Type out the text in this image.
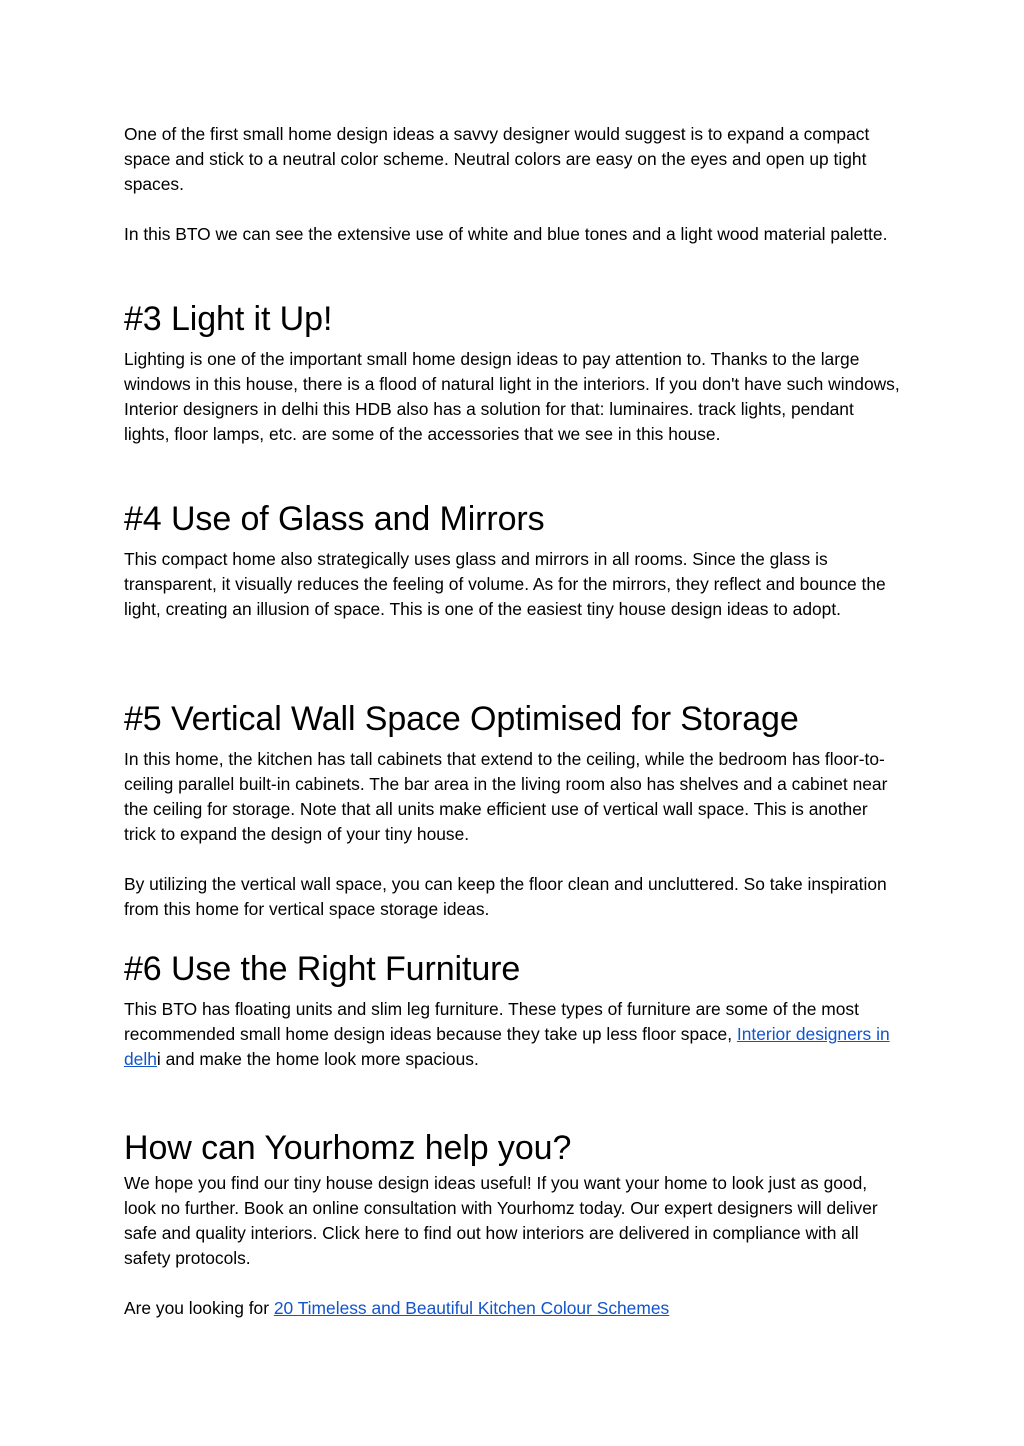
One of the first small home design ideas a savvy designer would suggest is to expand a compact space and stick to a neutral color scheme. Neutral colors are easy on the eyes and open up tight spaces.

In this BTO we can see the extensive use of white and blue tones and a light wood material palette.

#3 Light it Up!

Lighting is one of the important small home design ideas to pay attention to. Thanks to the large windows in this house, there is a flood of natural light in the interiors. If you don't have such windows, Interior designers in delhi this HDB also has a solution for that: luminaires. track lights, pendant lights, floor lamps, etc. are some of the accessories that we see in this house.

#4 Use of Glass and Mirrors

This compact home also strategically uses glass and mirrors in all rooms. Since the glass is transparent, it visually reduces the feeling of volume. As for the mirrors, they reflect and bounce the light, creating an illusion of space. This is one of the easiest tiny house design ideas to adopt.

#5 Vertical Wall Space Optimised for Storage

In this home, the kitchen has tall cabinets that extend to the ceiling, while the bedroom has floor-to-ceiling parallel built-in cabinets. The bar area in the living room also has shelves and a cabinet near the ceiling for storage. Note that all units make efficient use of vertical wall space. This is another trick to expand the design of your tiny house.

By utilizing the vertical wall space, you can keep the floor clean and uncluttered. So take inspiration from this home for vertical space storage ideas.

#6 Use the Right Furniture

This BTO has floating units and slim leg furniture. These types of furniture are some of the most recommended small home design ideas because they take up less floor space, Interior designers in delhi and make the home look more spacious.

How can Yourhomz help you?

We hope you find our tiny house design ideas useful! If you want your home to look just as good, look no further. Book an online consultation with Yourhomz today. Our expert designers will deliver safe and quality interiors. Click here to find out how interiors are delivered in compliance with all safety protocols.

Are you looking for 20 Timeless and Beautiful Kitchen Colour Schemes
